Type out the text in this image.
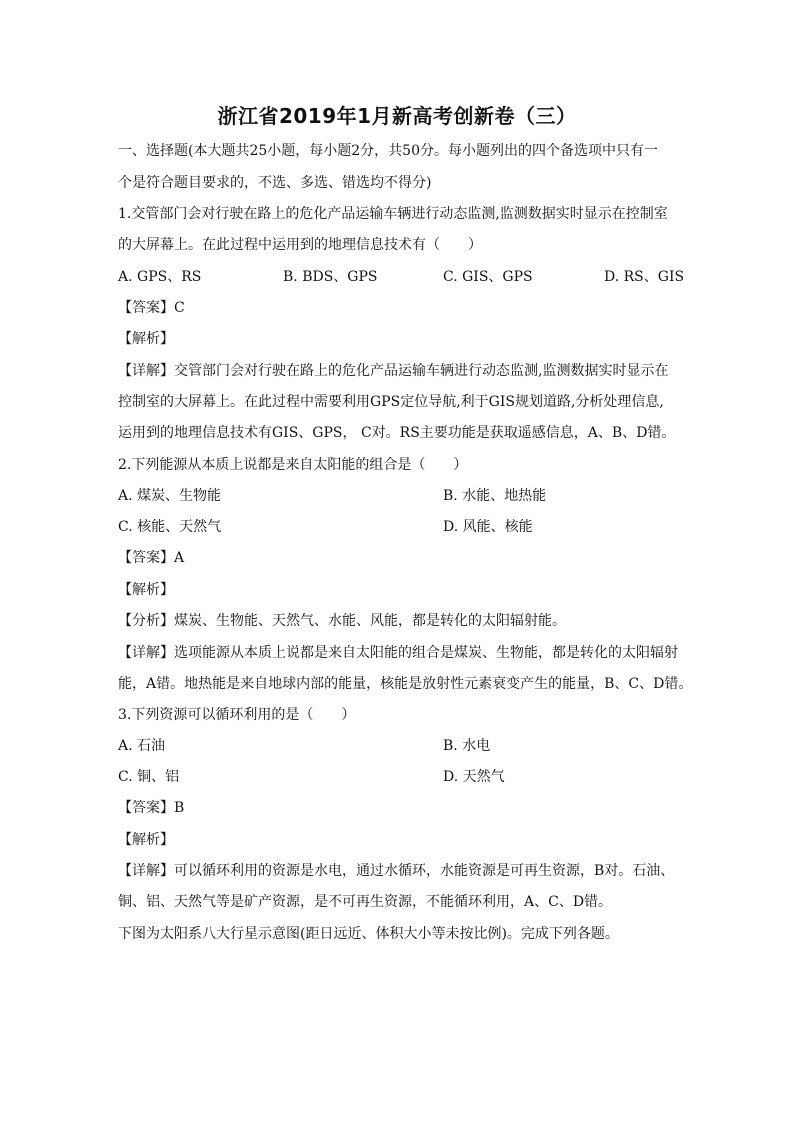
浙江省2019年1月新高考创新卷（三）
一、选择题(本大题共25小题，每小题2分，共50分。每小题列出的四个备选项中只有一
个是符合题目要求的，不选、多选、错选均不得分)
1.交管部门会对行驶在路上的危化产品运输车辆进行动态监测,监测数据实时显示在控制室
的大屏幕上。在此过程中运用到的地理信息技术有（　　）
A. GPS、RS	B. BDS、GPS	C. GIS、GPS	D. RS、GIS
【答案】C
【解析】
【详解】交管部门会对行驶在路上的危化产品运输车辆进行动态监测,监测数据实时显示在
控制室的大屏幕上。在此过程中需要利用GPS定位导航,利于GIS规划道路,分析处理信息,
运用到的地理信息技术有GIS、GPS， C对。RS主要功能是获取遥感信息，A、B、D错。
2.下列能源从本质上说都是来自太阳能的组合是（　　）
A. 煤炭、生物能	B. 水能、地热能
C. 核能、天然气	D. 风能、核能
【答案】A
【解析】
【分析】煤炭、生物能、天然气、水能、风能，都是转化的太阳辐射能。
【详解】选项能源从本质上说都是来自太阳能的组合是煤炭、生物能，都是转化的太阳辐射
能，A错。地热能是来自地球内部的能量，核能是放射性元素衰变产生的能量，B、C、D错。
3.下列资源可以循环利用的是（　　）
A. 石油	B. 水电
C. 铜、铝	D. 天然气
【答案】B
【解析】
【详解】可以循环利用的资源是水电，通过水循环，水能资源是可再生资源，B对。石油、
铜、铝、天然气等是矿产资源，是不可再生资源，不能循环利用，A、C、D错。
下图为太阳系八大行星示意图(距日远近、体积大小等未按比例)。完成下列各题。
